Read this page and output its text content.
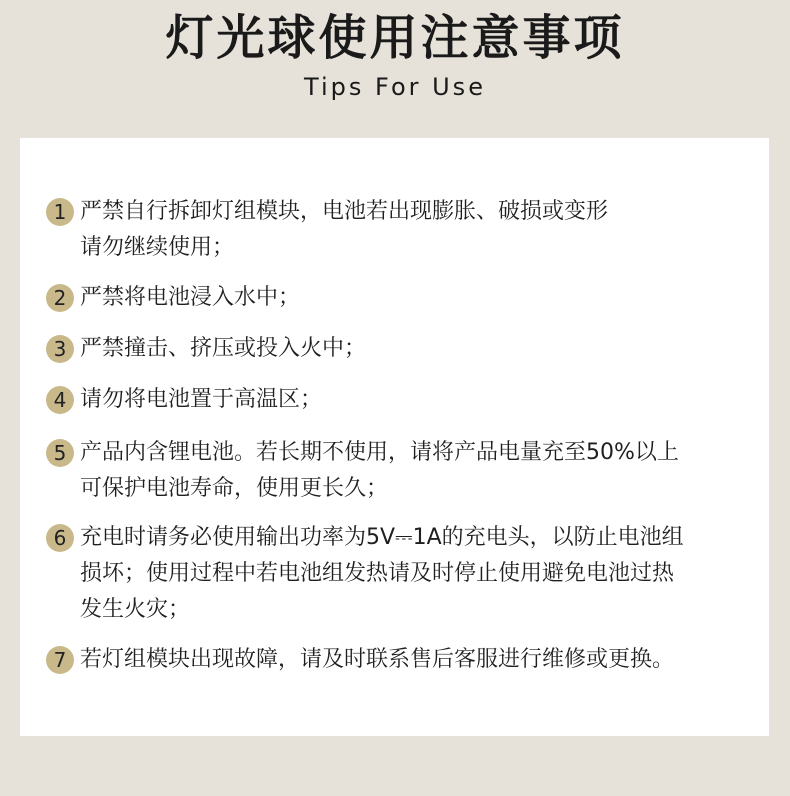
灯光球使用注意事项
Tips For Use
1 严禁自行拆卸灯组模块，电池若出现膨胀、破损或变形
请勿继续使用；
2 严禁将电池浸入水中；
3 严禁撞击、挤压或投入火中；
4 请勿将电池置于高温区；
5 产品内含锂电池。若长期不使用，请将产品电量充至50%以上
可保护电池寿命，使用更长久；
6 充电时请务必使用输出功率为5V⎓1A的充电头，以防止电池组
损坏；使用过程中若电池组发热请及时停止使用避免电池过热
发生火灾；
7 若灯组模块出现故障，请及时联系售后客服进行维修或更换。
